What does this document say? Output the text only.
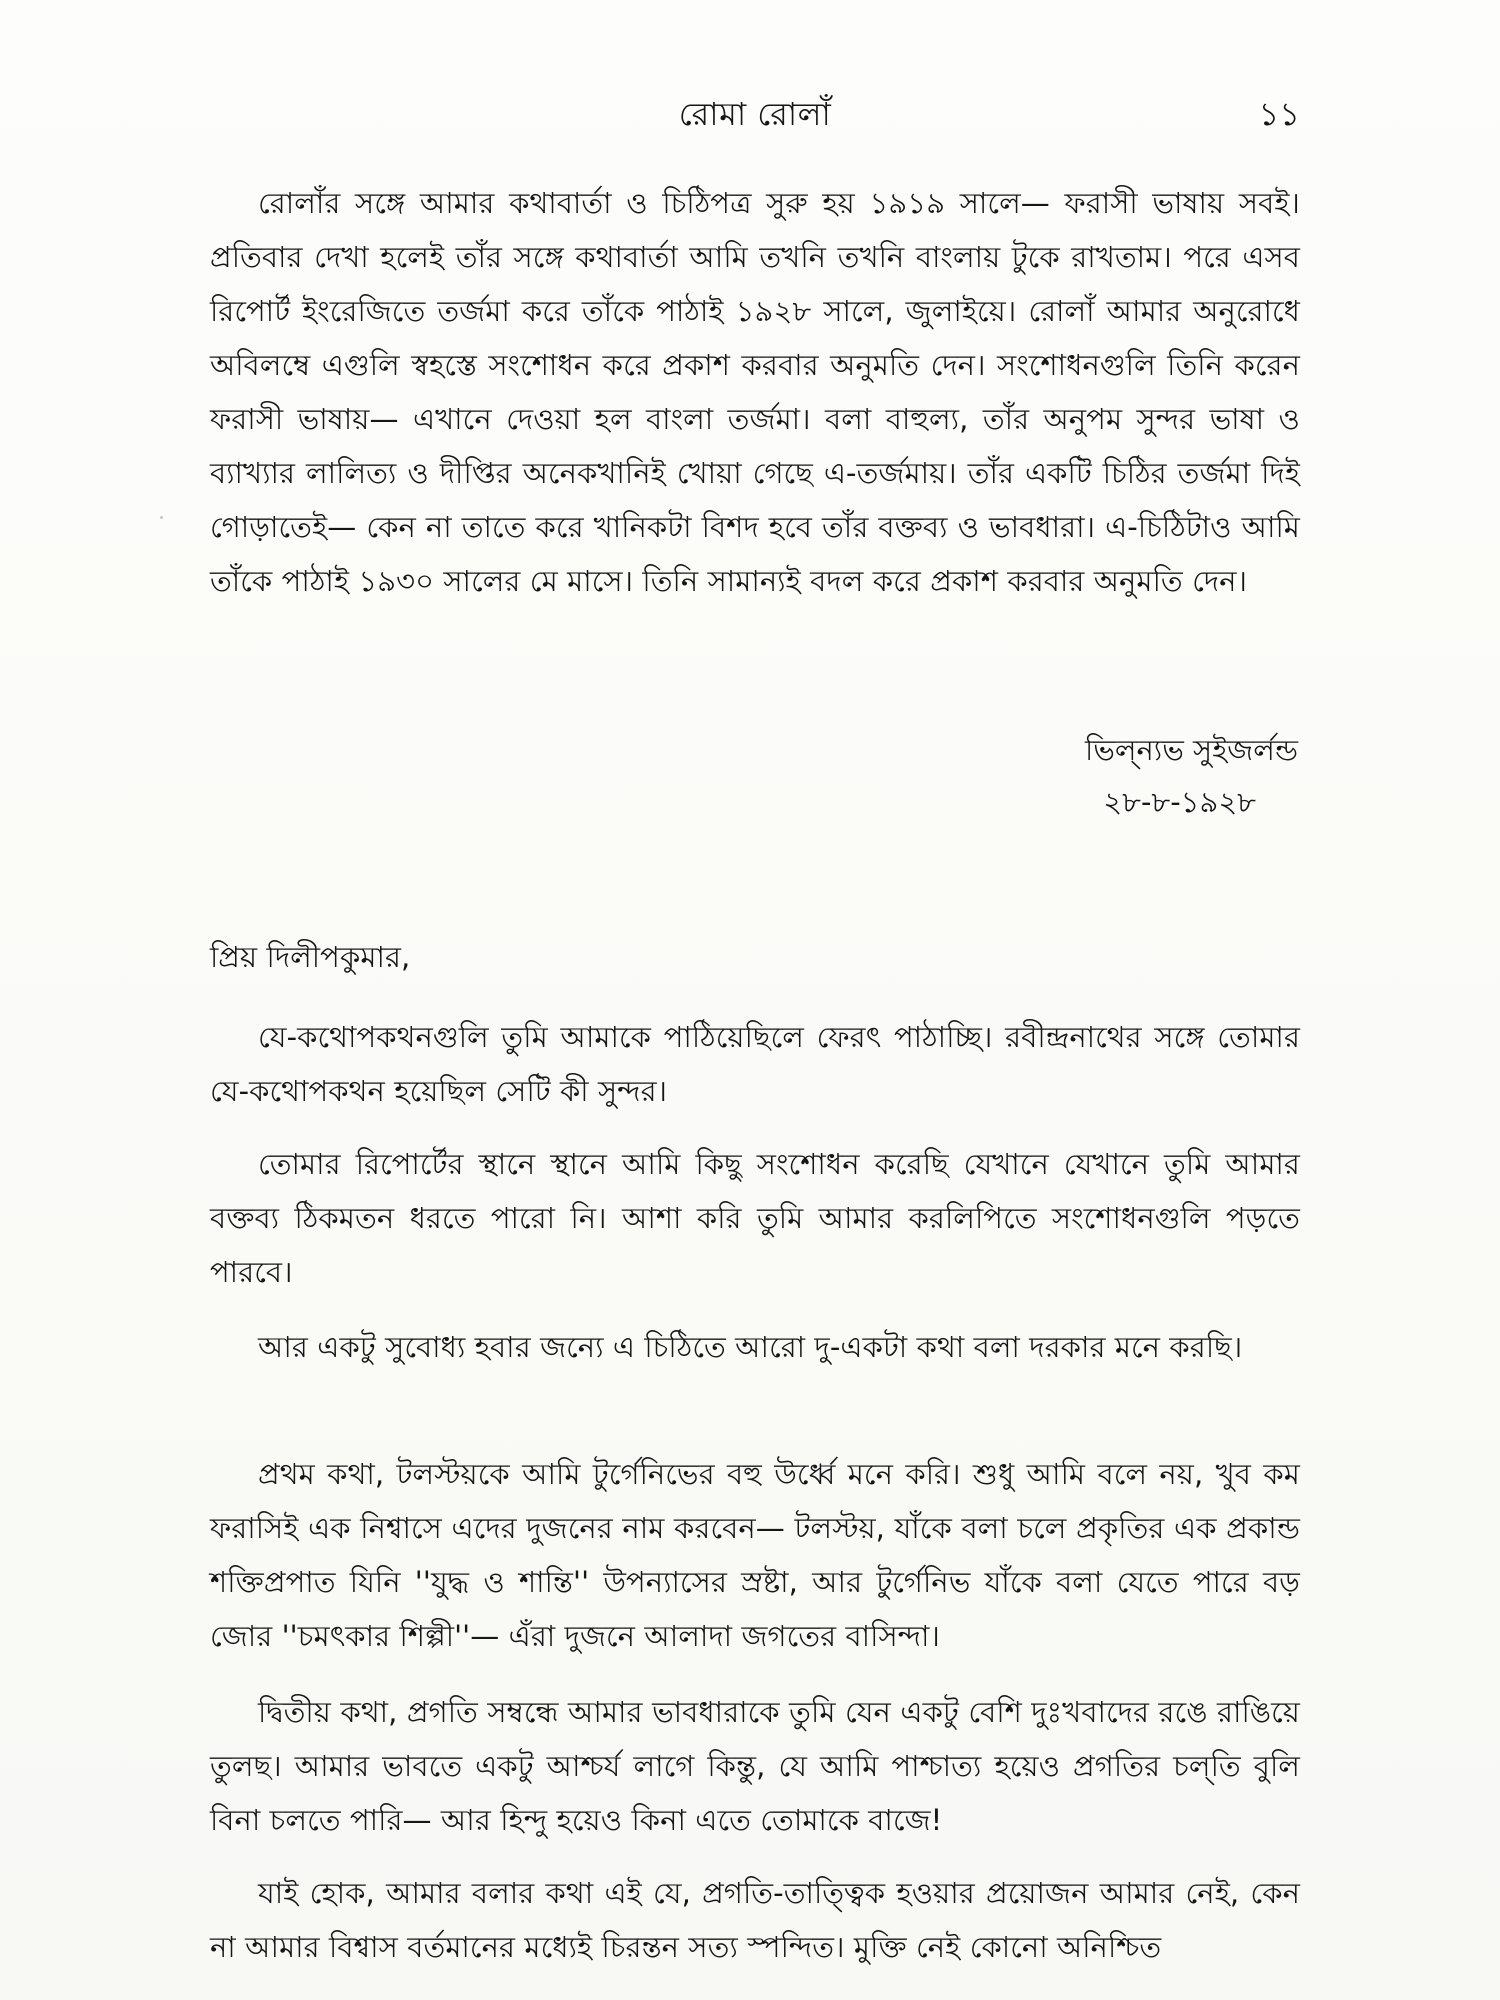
রোমা রোলাঁ	১১

রোলাঁর সঙ্গে আমার কথাবার্তা ও চিঠিপত্র সুরু হয় ১৯১৯ সালে— ফরাসী ভাষায় সবই। প্রতিবার দেখা হলেই তাঁর সঙ্গে কথাবার্তা আমি তখনি তখনি বাংলায় টুকে রাখতাম। পরে এসব রিপোর্ট ইংরেজিতে তর্জমা করে তাঁকে পাঠাই ১৯২৮ সালে, জুলাইয়ে। রোলাঁ আমার অনুরোধে অবিলম্বে এগুলি স্বহস্তে সংশোধন করে প্রকাশ করবার অনুমতি দেন। সংশোধনগুলি তিনি করেন ফরাসী ভাষায়— এখানে দেওয়া হল বাংলা তর্জমা। বলা বাহুল্য, তাঁর অনুপম সুন্দর ভাষা ও ব্যাখ্যার লালিত্য ও দীপ্তির অনেকখানিই খোয়া গেছে এ-তর্জমায়। তাঁর একটি চিঠির তর্জমা দিই গোড়াতেই— কেন না তাতে করে খানিকটা বিশদ হবে তাঁর বক্তব্য ও ভাবধারা। এ-চিঠিটাও আমি তাঁকে পাঠাই ১৯৩০ সালের মে মাসে। তিনি সামান্যই বদল করে প্রকাশ করবার অনুমতি দেন।

ভিল্‌ন্যভ সুইজর্লন্ড
২৮-৮-১৯২৮

প্রিয় দিলীপকুমার,

যে-কথোপকথনগুলি তুমি আমাকে পাঠিয়েছিলে ফেরৎ পাঠাচ্ছি। রবীন্দ্রনাথের সঙ্গে তোমার যে-কথোপকথন হয়েছিল সেটি কী সুন্দর।

তোমার রিপোর্টের স্থানে স্থানে আমি কিছু সংশোধন করেছি যেখানে যেখানে তুমি আমার বক্তব্য ঠিকমতন ধরতে পারো নি। আশা করি তুমি আমার করলিপিতে সংশোধনগুলি পড়তে পারবে।

আর একটু সুবোধ্য হবার জন্যে এ চিঠিতে আরো দু-একটা কথা বলা দরকার মনে করছি।

প্রথম কথা, টলস্টয়কে আমি টুর্গেনিভের বহু উর্ধ্বে মনে করি। শুধু আমি বলে নয়, খুব কম ফরাসিই এক নিশ্বাসে এদের দুজনের নাম করবেন— টলস্টয়, যাঁকে বলা চলে প্রকৃতির এক প্রকান্ড শক্তিপ্রপাত যিনি ''যুদ্ধ ও শান্তি'' উপন্যাসের স্রষ্টা, আর টুর্গেনিভ যাঁকে বলা যেতে পারে বড় জোর ''চমৎকার শিল্পী''— এঁরা দুজনে আলাদা জগতের বাসিন্দা।

দ্বিতীয় কথা, প্রগতি সম্বন্ধে আমার ভাবধারাকে তুমি যেন একটু বেশি দুঃখবাদের রঙে রাঙিয়ে তুলছ। আমার ভাবতে একটু আশ্চর্য লাগে কিন্তু, যে আমি পাশ্চাত্য হয়েও প্রগতির চল্‌তি বুলি বিনা চলতে পারি— আর হিন্দু হয়েও কিনা এতে তোমাকে বাজে!

যাই হোক, আমার বলার কথা এই যে, প্রগতি-তাত্ত্বিক হওয়ার প্রয়োজন আমার নেই, কেন না আমার বিশ্বাস বর্তমানের মধ্যেই চিরন্তন সত্য স্পন্দিত। মুক্তি নেই কোনো অনিশ্চিত
